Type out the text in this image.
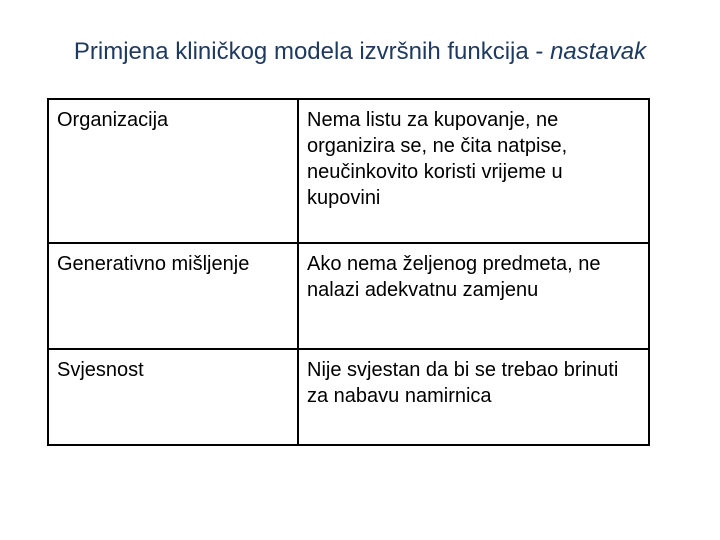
Primjena kliničkog modela izvršnih funkcija - nastavak
Organizacija	Nema listu za kupovanje, ne organizira se, ne čita natpise, neučinkovito koristi vrijeme u kupovini
Generativno mišljenje	Ako nema željenog predmeta, ne nalazi adekvatnu zamjenu
Svjesnost	Nije svjestan da bi se trebao brinuti za nabavu namirnica
